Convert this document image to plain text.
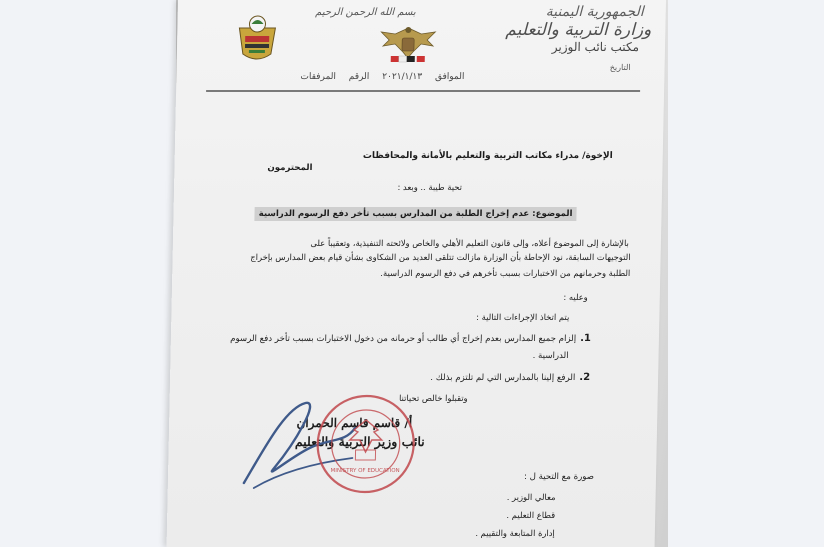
الجمهورية اليمنية
وزارة التربية والتعليم
مكتب نائب الوزير
التاريخ
بسم الله الرحمن الرحيم
الموافق ٢٠٢١/١/١٣ الرقم المرفقات
الإخوة/ مدراء مكاتب التربية والتعليم بالأمانة والمحافظات
المحترمون
تحية طيبة .. وبعد :
الموضوع: عدم إخراج الطلبة من المدارس بسبب تأخر دفع الرسوم الدراسية
بالإشارة إلى الموضوع أعلاه، وإلى قانون التعليم الأهلي والخاص ولائحته التنفيذية، وتعقيباً على
التوجيهات السابقة، نود الإحاطة بأن الوزارة مازالت تتلقى العديد من الشكاوى بشأن قيام بعض المدارس بإخراج
الطلبة وحرمانهم من الاختبارات بسبب تأخرهم في دفع الرسوم الدراسية.
وعليه :
يتم اتخاذ الإجراءات التالية :
1.إلزام جميع المدارس بعدم إخراج أي طالب أو حرمانه من دخول الاختبارات بسبب تأخر دفع الرسوم
الدراسية .
2.الرفع إلينا بالمدارس التي لم تلتزم بذلك .
وتقبلوا خالص تحياتنا
أ/ قاسم قاسم الحمران
نائب وزير التربية والتعليم
MINISTRY OF EDUCATION
صورة مع التحية ل :
معالي الوزير .
قطاع التعليم .
إدارة المتابعة والتقييم .
